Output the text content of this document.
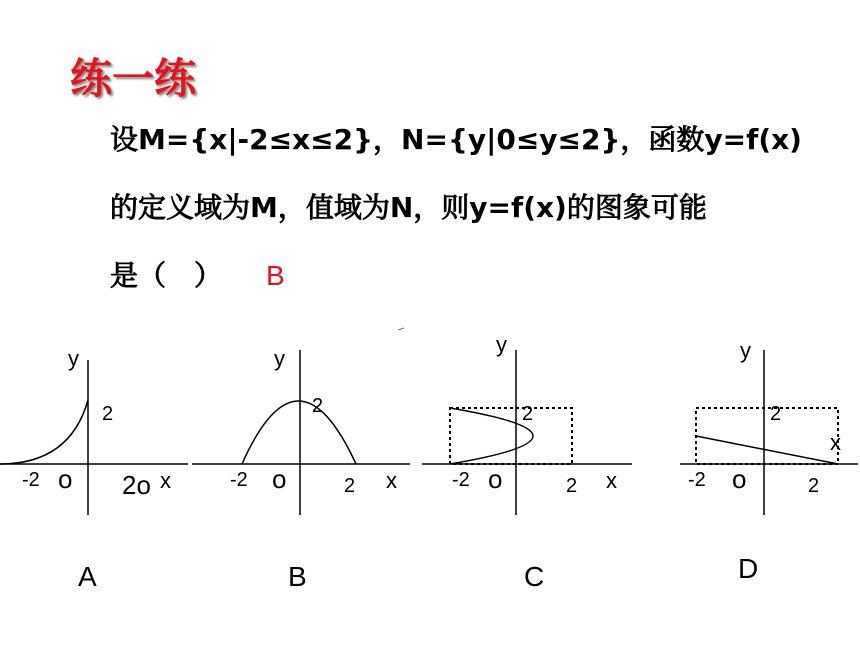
练一练
设M={x|-2≤x≤2}，N={y|0≤y≤2}，函数y=f(x)
的定义域为M，值域为N，则y=f(x)的图象可能
是（　） B
y
x
2
-2 o 2o
A
y
x
2
-2 o	2
B
y
x
2
-2 o	2
C
y
x
2
-2 o	2
D
